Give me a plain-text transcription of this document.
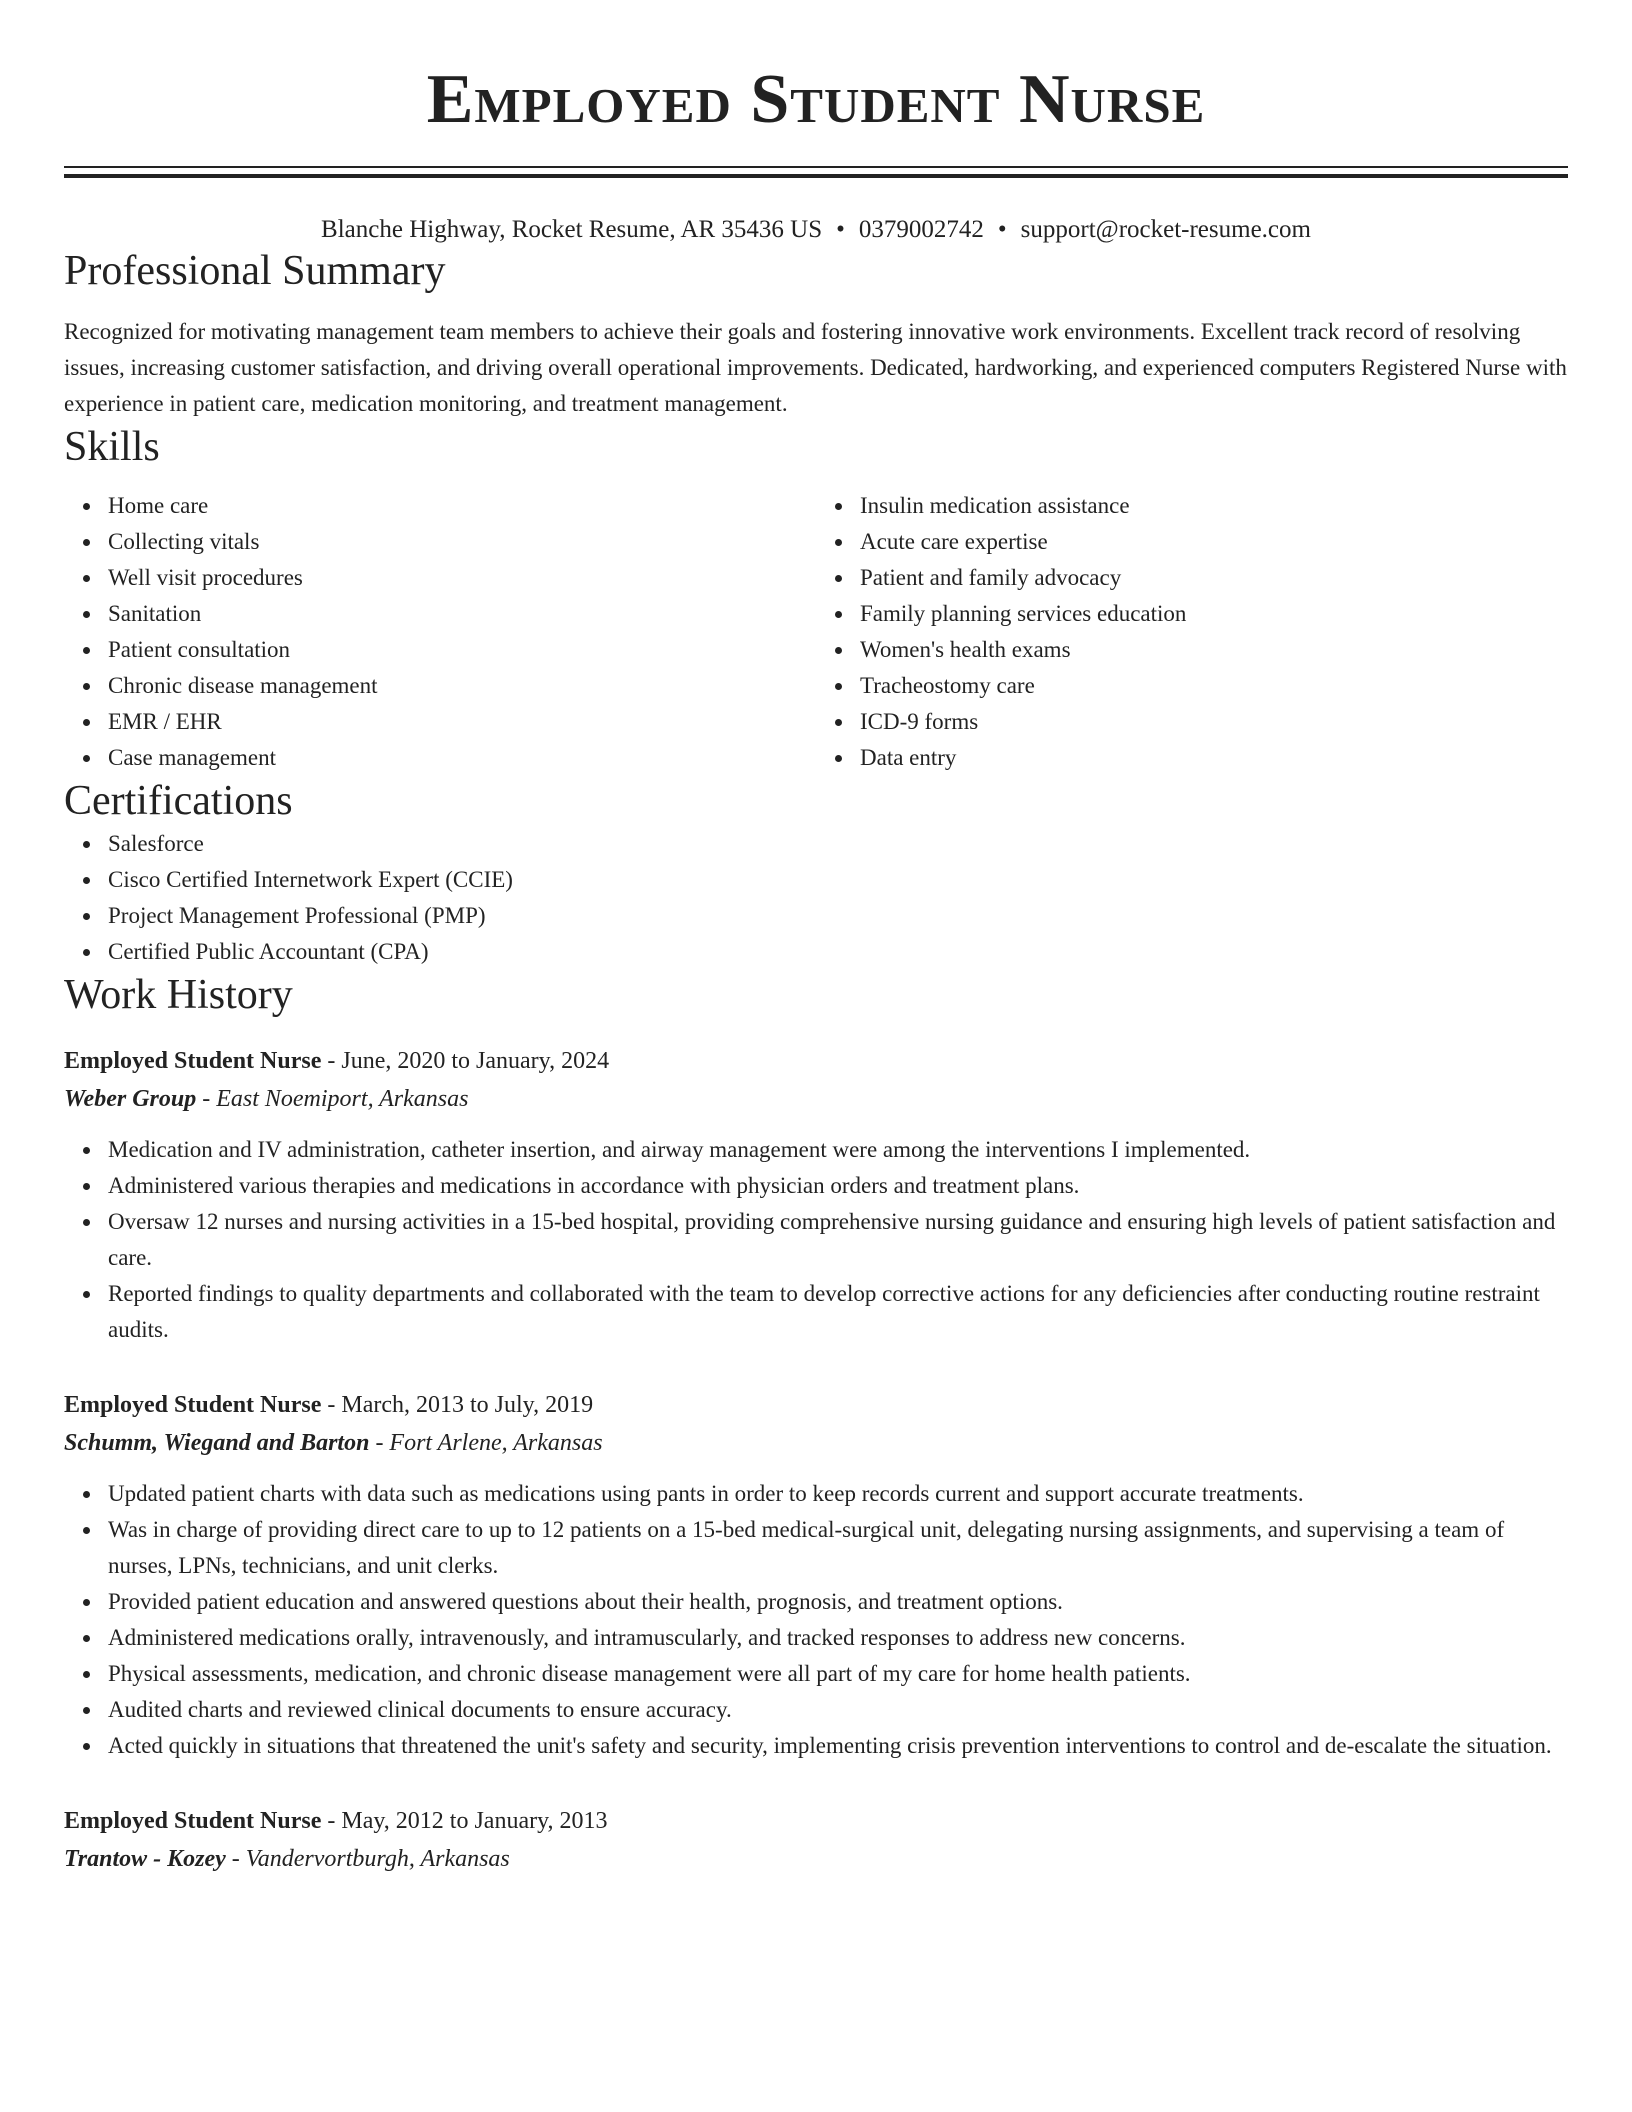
Employed Student Nurse
Blanche Highway, Rocket Resume, AR 35436 US • 0379002742 • support@rocket-resume.com
Professional Summary

Recognized for motivating management team members to achieve their goals and fostering innovative work environments. Excellent track record of resolving issues, increasing customer satisfaction, and driving overall operational improvements. Dedicated, hardworking, and experienced computers Registered Nurse with experience in patient care, medication monitoring, and treatment management.

Skills
Home care
Collecting vitals
Well visit procedures
Sanitation
Patient consultation
Chronic disease management
EMR / EHR
Case management
Insulin medication assistance
Acute care expertise
Patient and family advocacy
Family planning services education
Women's health exams
Tracheostomy care
ICD-9 forms
Data entry
Certifications
Salesforce
Cisco Certified Internetwork Expert (CCIE)
Project Management Professional (PMP)
Certified Public Accountant (CPA)
Work History
Employed Student Nurse - June, 2020 to January, 2024
Weber Group - East Noemiport, Arkansas
Medication and IV administration, catheter insertion, and airway management were among the interventions I implemented.
Administered various therapies and medications in accordance with physician orders and treatment plans.
Oversaw 12 nurses and nursing activities in a 15-bed hospital, providing comprehensive nursing guidance and ensuring high levels of patient satisfaction and care.
Reported findings to quality departments and collaborated with the team to develop corrective actions for any deficiencies after conducting routine restraint audits.
Employed Student Nurse - March, 2013 to July, 2019
Schumm, Wiegand and Barton - Fort Arlene, Arkansas
Updated patient charts with data such as medications using pants in order to keep records current and support accurate treatments.
Was in charge of providing direct care to up to 12 patients on a 15-bed medical-surgical unit, delegating nursing assignments, and supervising a team of nurses, LPNs, technicians, and unit clerks.
Provided patient education and answered questions about their health, prognosis, and treatment options.
Administered medications orally, intravenously, and intramuscularly, and tracked responses to address new concerns.
Physical assessments, medication, and chronic disease management were all part of my care for home health patients.
Audited charts and reviewed clinical documents to ensure accuracy.
Acted quickly in situations that threatened the unit's safety and security, implementing crisis prevention interventions to control and de-escalate the situation.
Employed Student Nurse - May, 2012 to January, 2013
Trantow - Kozey - Vandervortburgh, Arkansas
